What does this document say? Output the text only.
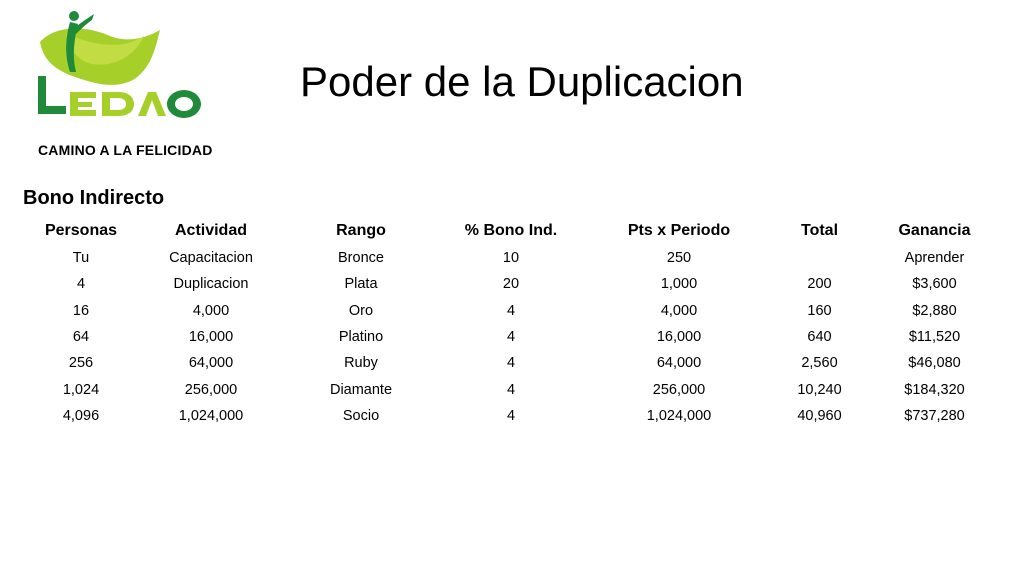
CAMINO A LA FELICIDAD
Poder de la Duplicacion
Bono Indirecto
Personas	Actividad	Rango	% Bono Ind.	Pts x Periodo	Total	Ganancia
Tu	Capacitacion	Bronce	10	250		Aprender
4	Duplicacion	Plata	20	1,000	200	$3,600
16	4,000	Oro	4	4,000	160	$2,880
64	16,000	Platino	4	16,000	640	$11,520
256	64,000	Ruby	4	64,000	2,560	$46,080
1,024	256,000	Diamante	4	256,000	10,240	$184,320
4,096	1,024,000	Socio	4	1,024,000	40,960	$737,280
